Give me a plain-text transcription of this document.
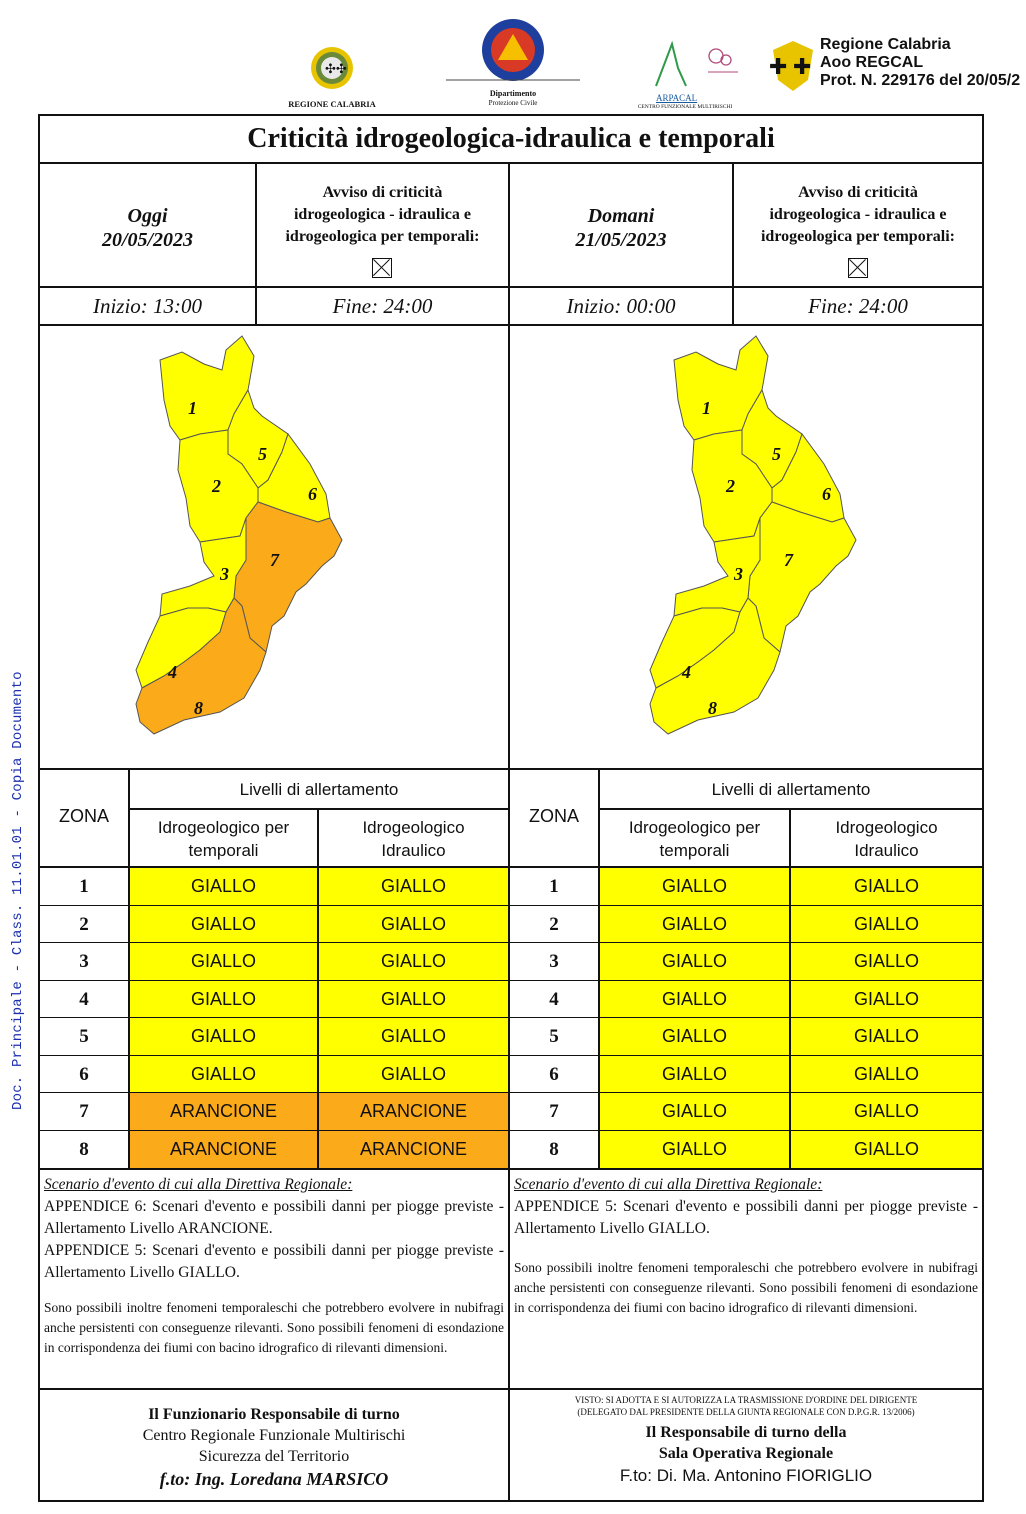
Doc. Principale - Class. 11.01.01 - Copia Documento
✣✣
REGIONE CALABRIA
Dipartimento
Protezione Civile	ARPACAL
CENTRO FUNZIONALE MULTIRISCHI
✚ ✚
Regione Calabria
Aoo REGCAL
Prot. N. 229176 del 20/05/2
Criticità idrogeologica-idraulica e temporali
Oggi
20/05/2023
Avviso di criticità
idrogeologica - idraulica e
idrogeologica per temporali:
Domani
21/05/2023
Avviso di criticità
idrogeologica - idraulica e
idrogeologica per temporali:
Inizio: 13:00	Fine: 24:00	Inizio: 00:00	Fine: 24:00
1
2
3
4
5
6
7
8
1
2
3
4
5
6
7
8
ZONA
Livelli di allertamento
Idrogeologico per
temporali
Idrogeologico
Idraulico
1	GIALLO	GIALLO
2	GIALLO	GIALLO
3	GIALLO	GIALLO
4	GIALLO	GIALLO
5	GIALLO	GIALLO
6	GIALLO	GIALLO
7	ARANCIONE	ARANCIONE
8	ARANCIONE	ARANCIONE
ZONA
Livelli di allertamento
Idrogeologico per
temporali
Idrogeologico
Idraulico
1	GIALLO	GIALLO
2	GIALLO	GIALLO
3	GIALLO	GIALLO
4	GIALLO	GIALLO
5	GIALLO	GIALLO
6	GIALLO	GIALLO
7	GIALLO	GIALLO
8	GIALLO	GIALLO
Scenario d'evento di cui alla Direttiva Regionale:
APPENDICE 6: Scenari d'evento e possibili danni per piogge previste - Allertamento Livello ARANCIONE.
APPENDICE 5: Scenari d'evento e possibili danni per piogge previste - Allertamento Livello GIALLO.
Sono possibili inoltre fenomeni temporaleschi che potrebbero evolvere in nubifragi anche persistenti con conseguenze rilevanti. Sono possibili fenomeni di esondazione in corrispondenza dei fiumi con bacino idrografico di rilevanti dimensioni.
Scenario d'evento di cui alla Direttiva Regionale:
APPENDICE 5: Scenari d'evento e possibili danni per piogge previste - Allertamento Livello GIALLO.
Sono possibili inoltre fenomeni temporaleschi che potrebbero evolvere in nubifragi anche persistenti con conseguenze rilevanti. Sono possibili fenomeni di esondazione in corrispondenza dei fiumi con bacino idrografico di rilevanti dimensioni.
Il Funzionario Responsabile di turno
Centro Regionale Funzionale Multirischi
Sicurezza del Territorio
f.to: Ing. Loredana MARSICO
VISTO: SI ADOTTA E SI AUTORIZZA LA TRASMISSIONE D'ORDINE DEL DIRIGENTE
(DELEGATO DAL PRESIDENTE DELLA GIUNTA REGIONALE CON D.P.G.R. 13/2006)
Il Responsabile di turno della
Sala Operativa Regionale
F.to: Di. Ma. Antonino FIORIGLIO
